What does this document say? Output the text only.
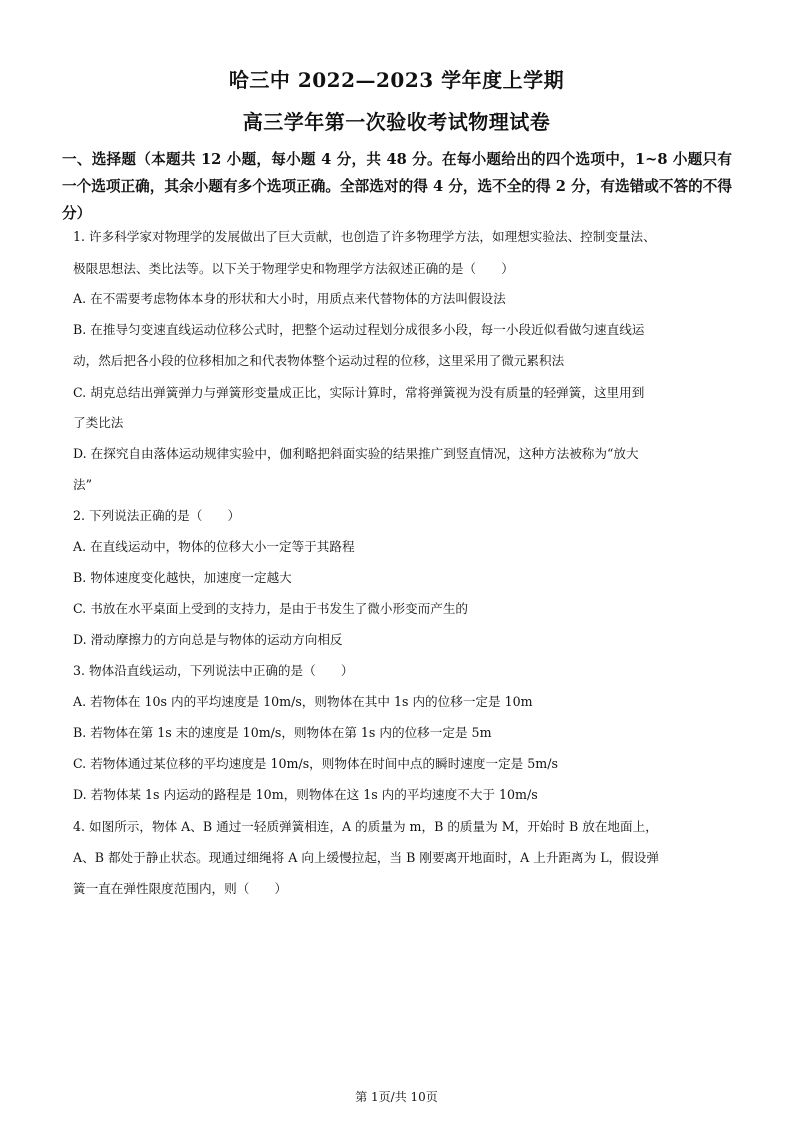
哈三中 2022—2023 学年度上学期
高三学年第一次验收考试物理试卷
一、选择题（本题共 12 小题，每小题 4 分，共 48 分。在每小题给出的四个选项中，1~8 小题只有一个选项正确，其余小题有多个选项正确。全部选对的得 4 分，选不全的得 2 分，有选错或不答的不得分）
1. 许多科学家对物理学的发展做出了巨大贡献，也创造了许多物理学方法，如理想实验法、控制变量法、
极限思想法、类比法等。以下关于物理学史和物理学方法叙述正确的是（　　）
A. 在不需要考虑物体本身的形状和大小时，用质点来代替物体的方法叫假设法
B. 在推导匀变速直线运动位移公式时，把整个运动过程划分成很多小段，每一小段近似看做匀速直线运
动，然后把各小段的位移相加之和代表物体整个运动过程的位移，这里采用了微元累积法
C. 胡克总结出弹簧弹力与弹簧形变量成正比，实际计算时，常将弹簧视为没有质量的轻弹簧，这里用到
了类比法
D. 在探究自由落体运动规律实验中，伽利略把斜面实验的结果推广到竖直情况，这种方法被称为“放大
法”
2. 下列说法正确的是（　　）
A. 在直线运动中，物体的位移大小一定等于其路程
B. 物体速度变化越快，加速度一定越大
C. 书放在水平桌面上受到的支持力，是由于书发生了微小形变而产生的
D. 滑动摩擦力的方向总是与物体的运动方向相反
3. 物体沿直线运动，下列说法中正确的是（　　）
A. 若物体在 10s 内的平均速度是 10m/s，则物体在其中 1s 内的位移一定是 10m
B. 若物体在第 1s 末的速度是 10m/s，则物体在第 1s 内的位移一定是 5m
C. 若物体通过某位移的平均速度是 10m/s，则物体在时间中点的瞬时速度一定是 5m/s
D. 若物体某 1s 内运动的路程是 10m，则物体在这 1s 内的平均速度不大于 10m/s
4. 如图所示，物体 A、B 通过一轻质弹簧相连，A 的质量为 m，B 的质量为 M，开始时 B 放在地面上，
A、B 都处于静止状态。现通过细绳将 A 向上缓慢拉起，当 B 刚要离开地面时，A 上升距离为 L，假设弹
簧一直在弹性限度范围内，则（　　）
第 1页/共 10页
